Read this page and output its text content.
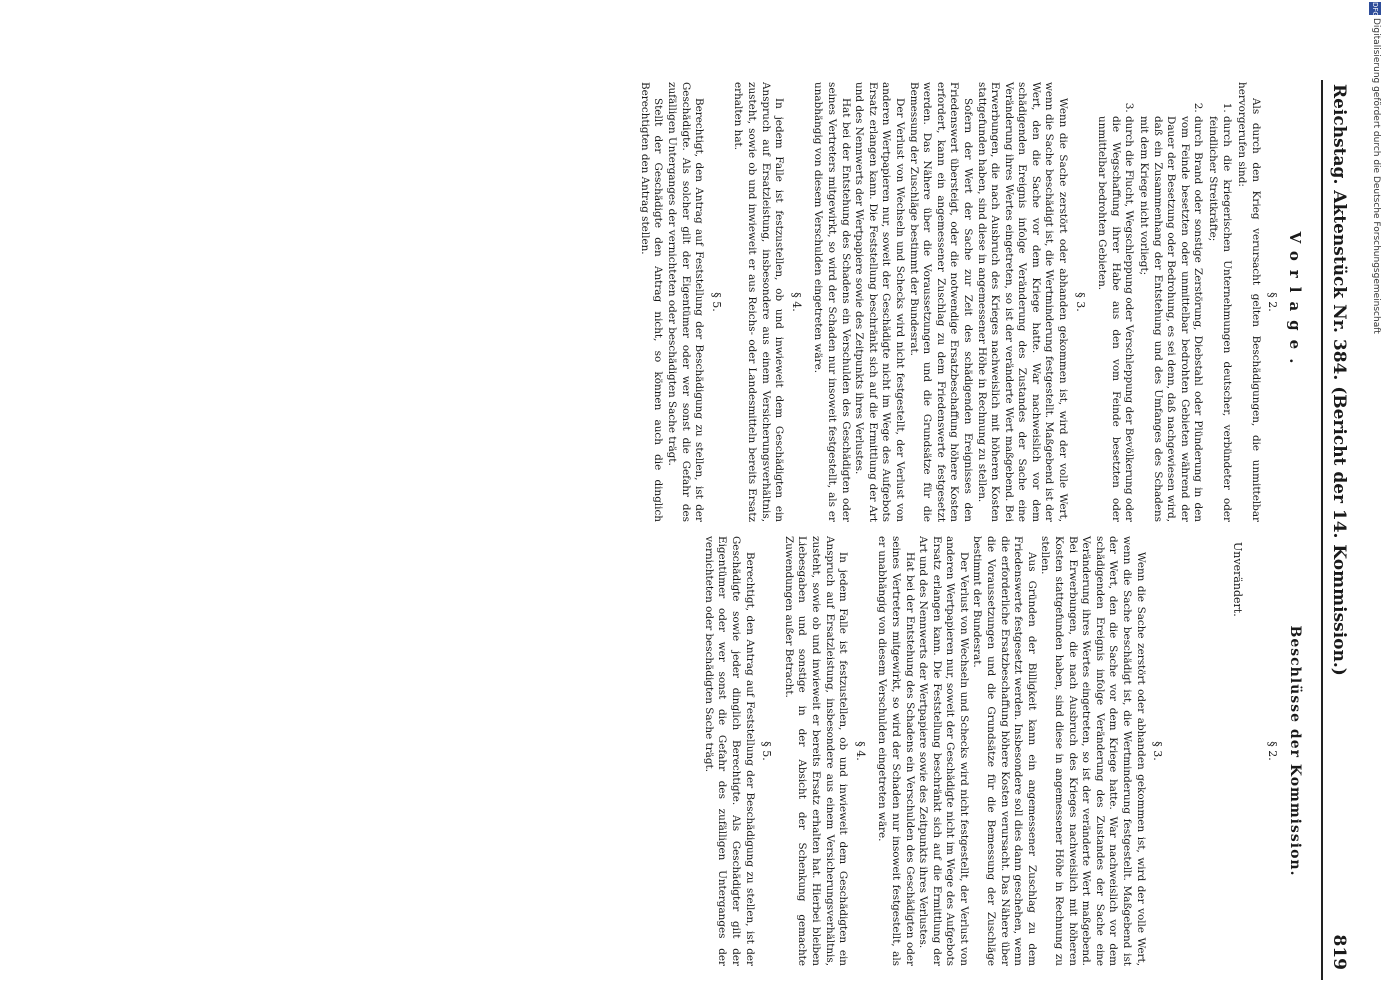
DFG
Digitalisierung gefördert durch die Deutsche Forschungsgemeinschaft
Reichstag. Aktenstück Nr. 384. (Bericht der 14. Kommission.)
819
Vorlage.
§ 2.

Als durch den Krieg verursacht gelten Beschädigungen, die unmittelbar hervorgerufen sind:

1. durch die kriegerischen Unternehmungen deutscher, verbündeter oder feindlicher Streitkräfte;
2. durch Brand oder sonstige Zerstörung, Diebstahl oder Plünderung in den vom Feinde besetzten oder unmittelbar bedrohten Gebieten während der Dauer der Besetzung oder Bedrohung, es sei denn, daß nachgewiesen wird, daß ein Zusammenhang der Entstehung und des Umfanges des Schadens mit dem Kriege nicht vorliegt;
3. durch die Flucht, Wegschleppung oder Verschleppung der Bevölkerung oder die Wegschaffung ihrer Habe aus den vom Feinde besetzten oder unmittelbar bedrohten Gebieten.
§ 3.

Wenn die Sache zerstört oder abhanden gekommen ist, wird der volle Wert, wenn die Sache beschädigt ist, die Wertminderung festgestellt. Maßgebend ist der Wert, den die Sache vor dem Kriege hatte. War nachweislich vor dem schädigenden Ereignis infolge Veränderung des Zustandes der Sache eine Veränderung ihres Wertes eingetreten, so ist der veränderte Wert maßgebend. Bei Erwerbungen, die nach Ausbruch des Krieges nachweislich mit höheren Kosten stattgefunden haben, sind diese in angemessener Höhe in Rechnung zu stellen.

Sofern der Wert der Sache zur Zeit des schädigenden Ereignisses den Friedenswert übersteigt, oder die notwendige Ersatzbeschaffung höhere Kosten erfordert, kann ein angemessener Zuschlag zu dem Friedenswerte festgesetzt werden. Das Nähere über die Voraussetzungen und die Grundsätze für die Bemessung der Zuschläge bestimmt der Bundesrat.

Der Verlust von Wechseln und Schecks wird nicht festgestellt, der Verlust von anderen Wertpapieren nur, soweit der Geschädigte nicht im Wege des Aufgebots Ersatz erlangen kann. Die Feststellung beschränkt sich auf die Ermittlung der Art und des Nennwerts der Wertpapiere sowie des Zeitpunkts ihres Verlustes.

Hat bei der Entstehung des Schadens ein Verschulden des Geschädigten oder seines Vertreters mitgewirkt, so wird der Schaden nur insoweit festgestellt, als er unabhängig von diesem Verschulden eingetreten wäre.

§ 4.

In jedem Falle ist festzustellen, ob und inwieweit dem Geschädigten ein Anspruch auf Ersatzleistung, insbesondere aus einem Versicherungsverhältnis, zusteht, sowie ob und inwieweit er aus Reichs- oder Landesmitteln bereits Ersatz erhalten hat.

§ 5.

Berechtigt, den Antrag auf Feststellung der Beschädigung zu stellen, ist der Geschädigte. Als solcher gilt der Eigentümer oder wer sonst die Gefahr des zufälligen Unterganges der vernichteten oder beschädigten Sache trägt.

Stellt der Geschädigte den Antrag nicht, so können auch die dinglich Berechtigten den Antrag stellen.

Beschlüsse der Kommission.
§ 2.

Unverändert.

§ 3.

Wenn die Sache zerstört oder abhanden gekommen ist, wird der volle Wert, wenn die Sache beschädigt ist, die Wertminderung festgestellt. Maßgebend ist der Wert, den die Sache vor dem Kriege hatte. War nachweislich vor dem schädigenden Ereignis infolge Veränderung des Zustandes der Sache eine Veränderung ihres Wertes eingetreten, so ist der veränderte Wert maßgebend. Bei Erwerbungen, die nach Ausbruch des Krieges nachweislich mit höheren Kosten stattgefunden haben, sind diese in angemessener Höhe in Rechnung zu stellen.

Aus Gründen der Billigkeit kann ein angemessener Zuschlag zu dem Friedenswerte festgesetzt werden. Insbesondere soll dies dann geschehen, wenn die erforderliche Ersatzbeschaffung höhere Kosten verursacht. Das Nähere über die Voraussetzungen und die Grundsätze für die Bemessung der Zuschläge bestimmt der Bundesrat.

Der Verlust von Wechseln und Schecks wird nicht festgestellt, der Verlust von anderen Wertpapieren nur, soweit der Geschädigte nicht im Wege des Aufgebots Ersatz erlangen kann. Die Feststellung beschränkt sich auf die Ermittlung der Art und des Nennwerts der Wertpapiere sowie des Zeitpunkts ihres Verlustes.

Hat bei der Entstehung des Schadens ein Verschulden des Geschädigten oder seines Vertreters mitgewirkt, so wird der Schaden nur insoweit festgestellt, als er unabhängig von diesem Verschulden eingetreten wäre.

§ 4.

In jedem Falle ist festzustellen, ob und inwieweit dem Geschädigten ein Anspruch auf Ersatzleistung, insbesondere aus einem Versicherungsverhältnis, zusteht, sowie ob und inwieweit er bereits Ersatz erhalten hat. Hierbei bleiben Liebesgaben und sonstige in der Absicht der Schenkung gemachte Zuwendungen außer Betracht.

§ 5.

Berechtigt, den Antrag auf Feststellung der Beschädigung zu stellen, ist der Geschädigte sowie jeder dinglich Berechtigte. Als Geschädigter gilt der Eigentümer oder wer sonst die Gefahr des zufälligen Unterganges der vernichteten oder beschädigten Sache trägt.
